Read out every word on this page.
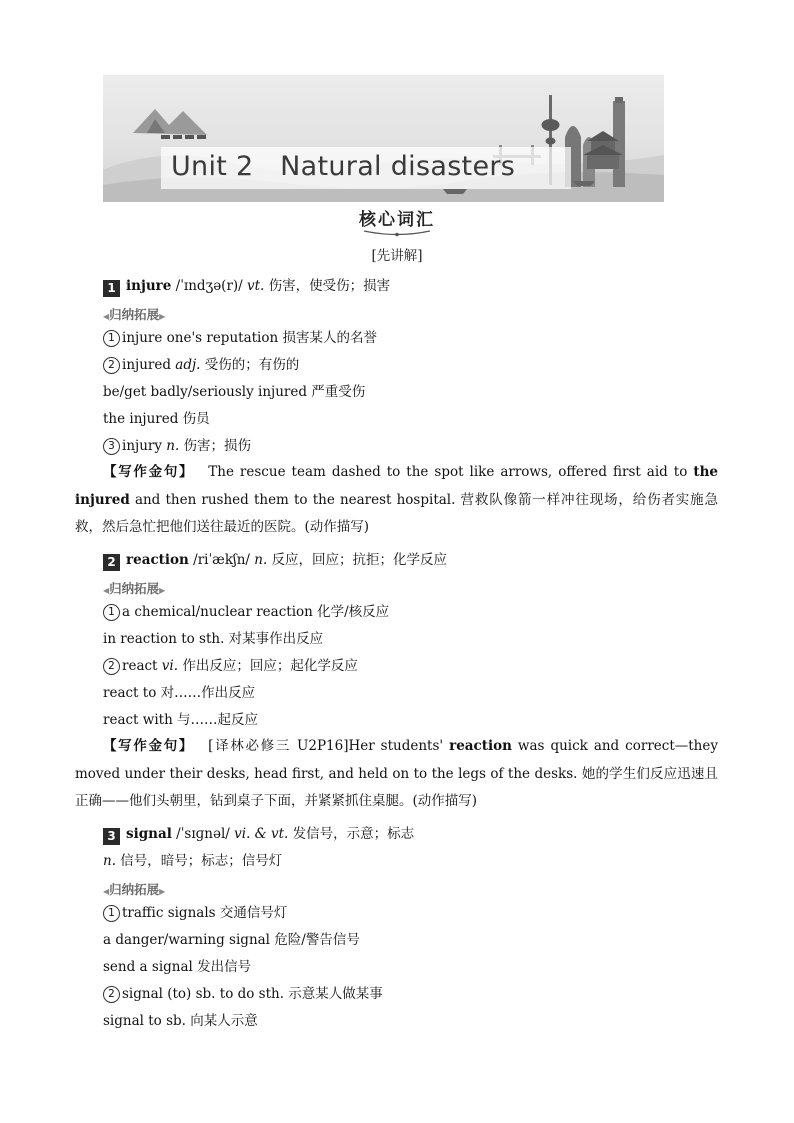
Unit 2   Natural disasters
核心词汇
[先讲解]
1 injure /ˈɪndʒə(r)/ vt. 伤害，使受伤；损害
◀归纳拓展▶
1 injure one's reputation 损害某人的名誉
2 injured adj. 受伤的；有伤的
be/get badly/seriously injured 严重受伤
the injured 伤员
3 injury n. 伤害；损伤
【写作金句】 The rescue team dashed to the spot like arrows, offered first aid to the injured and then rushed them to the nearest hospital. 营救队像箭一样冲往现场，给伤者实施急救，然后急忙把他们送往最近的医院。(动作描写)
2 reaction /riˈækʃn/ n. 反应，回应；抗拒；化学反应
◀归纳拓展▶
1 a chemical/nuclear reaction 化学/核反应
in reaction to sth. 对某事作出反应
2 react vi. 作出反应；回应；起化学反应
react to 对……作出反应
react with 与……起反应
【写作金句】 [译林必修三 U2P16]Her students' reaction was quick and correct—they moved under their desks, head first, and held on to the legs of the desks. 她的学生们反应迅速且正确——他们头朝里，钻到桌子下面，并紧紧抓住桌腿。(动作描写)
3 signal /ˈsɪɡnəl/ vi. & vt. 发信号，示意；标志
n. 信号，暗号；标志；信号灯
◀归纳拓展▶
1 traffic signals 交通信号灯
a danger/warning signal 危险/警告信号
send a signal 发出信号
2 signal (to) sb. to do sth. 示意某人做某事
signal to sb. 向某人示意
